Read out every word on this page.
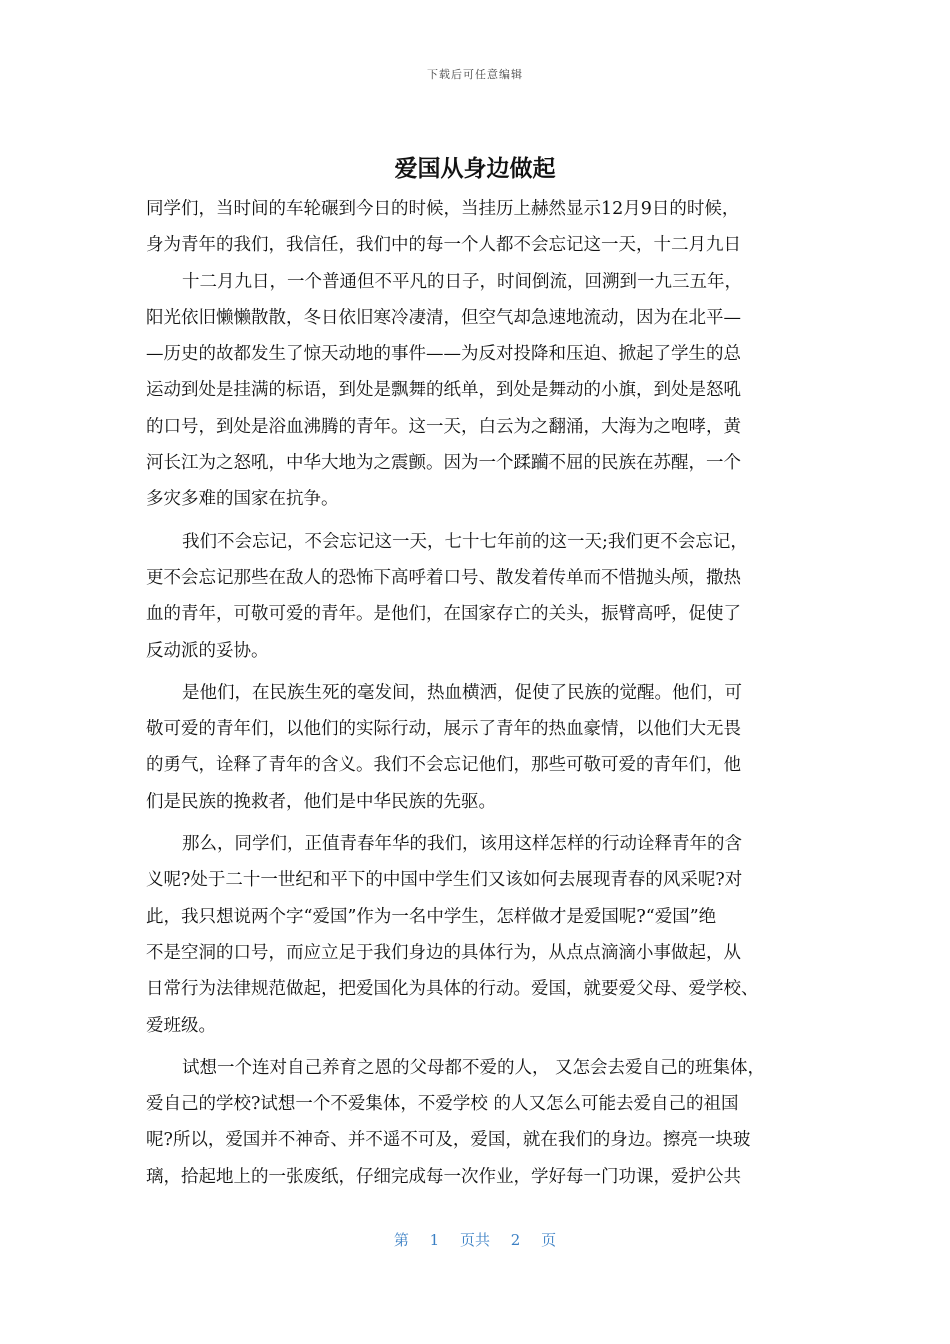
下载后可任意编辑
爱国从身边做起
同学们，当时间的车轮碾到今日的时候，当挂历上赫然显示12月9日的时候，
身为青年的我们，我信任，我们中的每一个人都不会忘记这一天，十二月九日
十二月九日，一个普通但不平凡的日子，时间倒流，回溯到一九三五年，
阳光依旧懒懒散散，冬日依旧寒冷凄清，但空气却急速地流动，因为在北平—
—历史的故都发生了惊天动地的事件——为反对投降和压迫、掀起了学生的总
运动到处是挂满的标语，到处是飘舞的纸单，到处是舞动的小旗，到处是怒吼
的口号，到处是浴血沸腾的青年。这一天，白云为之翻涌，大海为之咆哮，黄
河长江为之怒吼，中华大地为之震颤。因为一个蹂躏不屈的民族在苏醒，一个
多灾多难的国家在抗争。
我们不会忘记，不会忘记这一天，七十七年前的这一天;我们更不会忘记，
更不会忘记那些在敌人的恐怖下高呼着口号、散发着传单而不惜抛头颅，撒热
血的青年，可敬可爱的青年。是他们，在国家存亡的关头，振臂高呼，促使了
反动派的妥协。
是他们，在民族生死的毫发间，热血横洒，促使了民族的觉醒。他们，可
敬可爱的青年们，以他们的实际行动，展示了青年的热血豪情，以他们大无畏
的勇气，诠释了青年的含义。我们不会忘记他们，那些可敬可爱的青年们，他
们是民族的挽救者，他们是中华民族的先驱。
那么，同学们，正值青春年华的我们，该用这样怎样的行动诠释青年的含
义呢?处于二十一世纪和平下的中国中学生们又该如何去展现青春的风采呢?对
此，我只想说两个字“爱国”作为一名中学生，怎样做才是爱国呢?“爱国”绝
不是空洞的口号，而应立足于我们身边的具体行为，从点点滴滴小事做起，从
日常行为法律规范做起，把爱国化为具体的行动。爱国，就要爱父母、爱学校、
爱班级。
试想一个连对自己养育之恩的父母都不爱的人， 又怎会去爱自己的班集体，
爱自己的学校?试想一个不爱集体，不爱学校 的人又怎么可能去爱自己的祖国
呢?所以，爱国并不神奇、并不遥不可及，爱国，就在我们的身边。擦亮一块玻
璃，拾起地上的一张废纸，仔细完成每一次作业，学好每一门功课，爱护公共
第 1 页共 2 页
